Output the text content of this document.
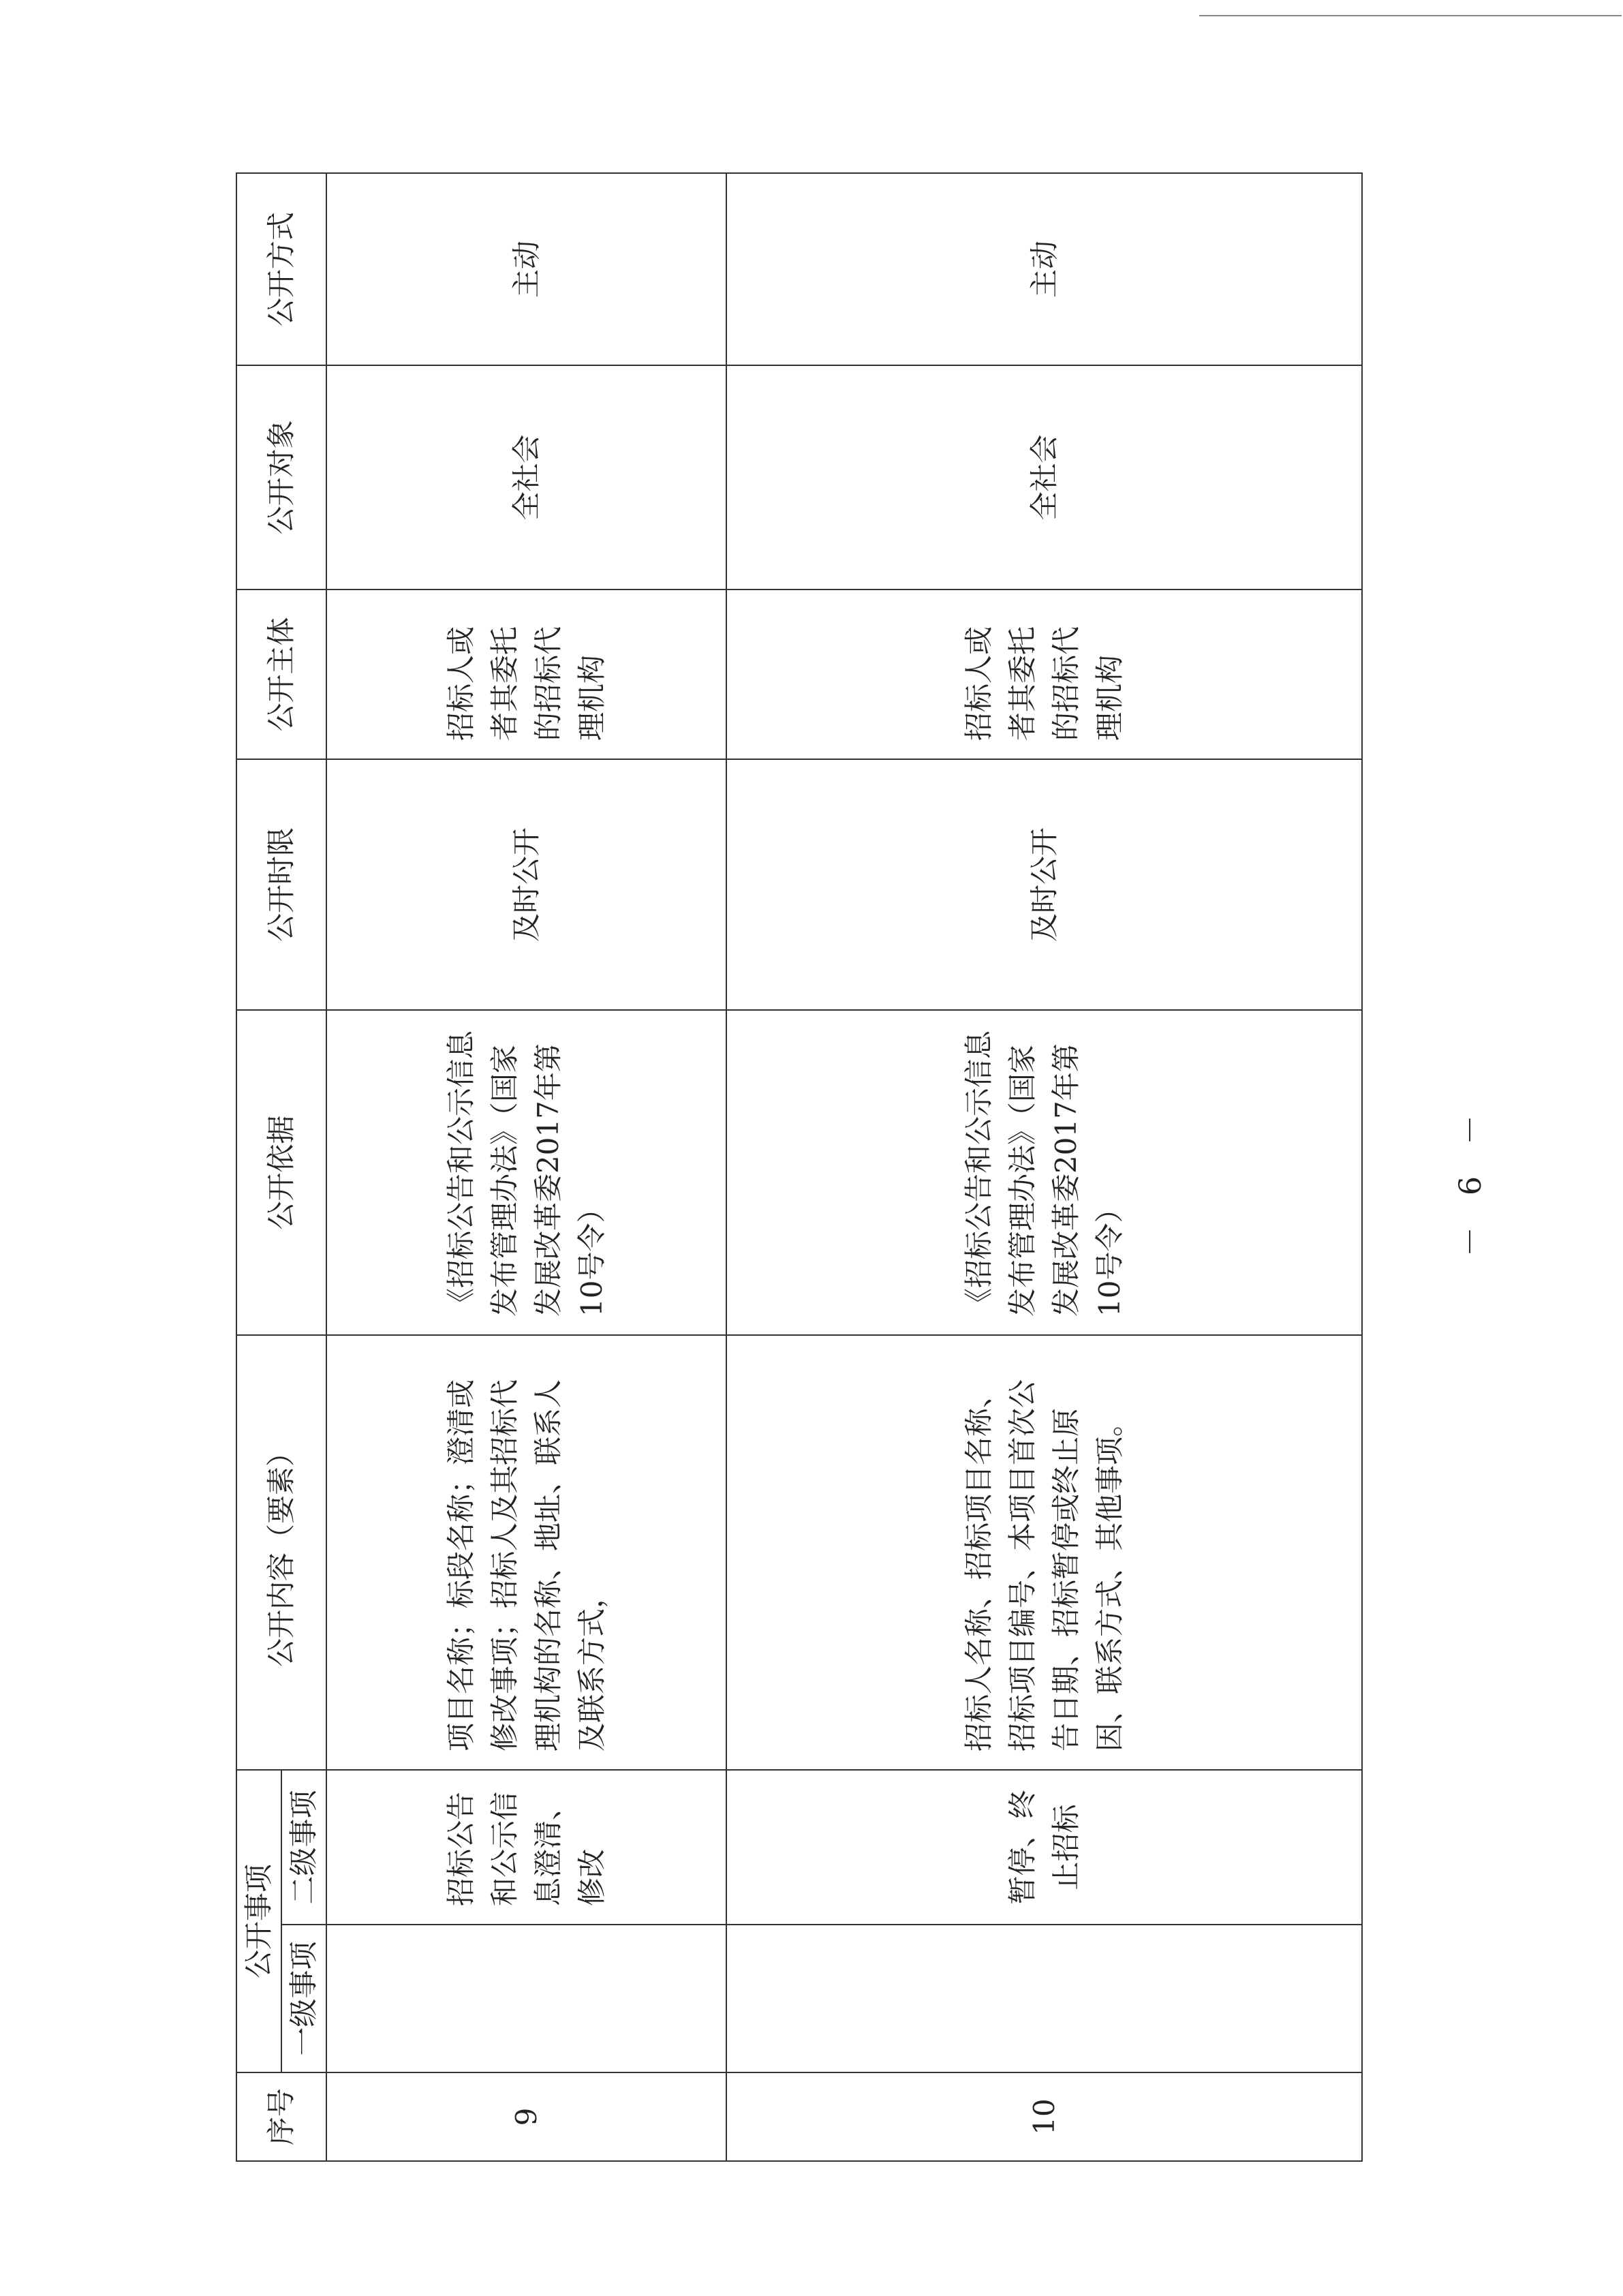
序号	公开事项		公开内容（要素）	公开依据	公开时限	公开主体	公开对象	公开方式
	一级事项	二级事项						
9		招标公告和公示信息澄清、修改	项目名称；标段名称；澄清或修改事项；招标人及其招标代理机构的名称、地址、联系人及联系方式，	《招标公告和公示信息发布管理办法》（国家发展改革委2017年第10号令）	及时公开	招标人或者其委托的招标代理机构	全社会	主动
10		暂停、终止招标	招标人名称、招标项目名称、招标项目编号、本项目首次公告日期、招标暂停或终止原因、联系方式、其他事项。	《招标公告和公示信息发布管理办法》（国家发展改革委2017年第10号令）	及时公开	招标人或者其委托的招标代理机构	全社会	主动
－ 6 －
